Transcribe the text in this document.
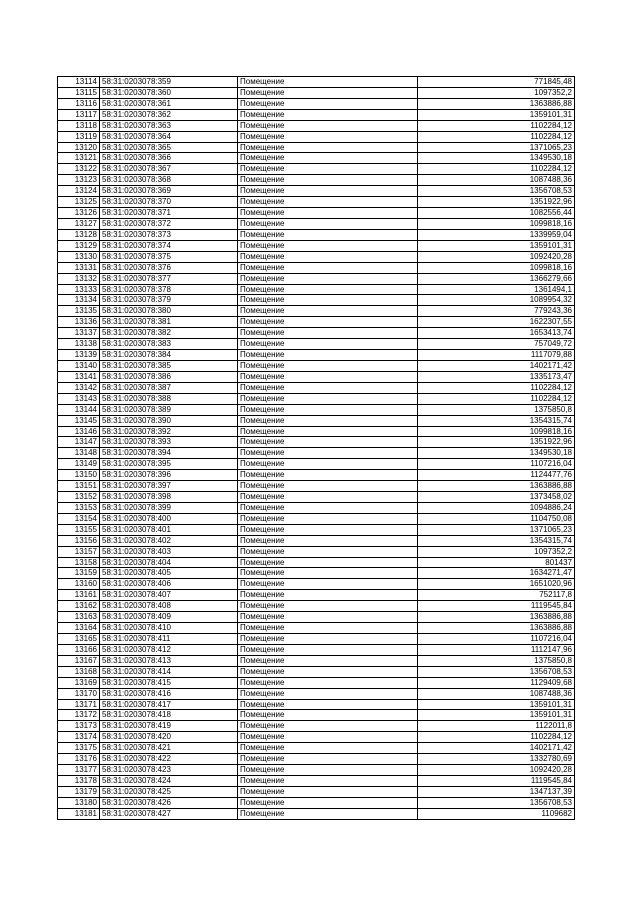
13114	58:31:0203078:359	Помещение	771845,48
13115	58:31:0203078:360	Помещение	1097352,2
13116	58:31:0203078:361	Помещение	1363886,88
13117	58:31:0203078:362	Помещение	1359101,31
13118	58:31:0203078:363	Помещение	1102284,12
13119	58:31:0203078:364	Помещение	1102284,12
13120	58:31:0203078:365	Помещение	1371065,23
13121	58:31:0203078:366	Помещение	1349530,18
13122	58:31:0203078:367	Помещение	1102284,12
13123	58:31:0203078:368	Помещение	1087488,36
13124	58:31:0203078:369	Помещение	1356708,53
13125	58:31:0203078:370	Помещение	1351922,96
13126	58:31:0203078:371	Помещение	1082556,44
13127	58:31:0203078:372	Помещение	1099818,16
13128	58:31:0203078:373	Помещение	1339959,04
13129	58:31:0203078:374	Помещение	1359101,31
13130	58:31:0203078:375	Помещение	1092420,28
13131	58:31:0203078:376	Помещение	1099818,16
13132	58:31:0203078:377	Помещение	1366279,66
13133	58:31:0203078:378	Помещение	1361494,1
13134	58:31:0203078:379	Помещение	1089954,32
13135	58:31:0203078:380	Помещение	779243,36
13136	58:31:0203078:381	Помещение	1622307,55
13137	58:31:0203078:382	Помещение	1653413,74
13138	58:31:0203078:383	Помещение	757049,72
13139	58:31:0203078:384	Помещение	1117079,88
13140	58:31:0203078:385	Помещение	1402171,42
13141	58:31:0203078:386	Помещение	1335173,47
13142	58:31:0203078:387	Помещение	1102284,12
13143	58:31:0203078:388	Помещение	1102284,12
13144	58:31:0203078:389	Помещение	1375850,8
13145	58:31:0203078:390	Помещение	1354315,74
13146	58:31:0203078:392	Помещение	1099818,16
13147	58:31:0203078:393	Помещение	1351922,96
13148	58:31:0203078:394	Помещение	1349530,18
13149	58:31:0203078:395	Помещение	1107216,04
13150	58:31:0203078:396	Помещение	1124477,76
13151	58:31:0203078:397	Помещение	1363886,88
13152	58:31:0203078:398	Помещение	1373458,02
13153	58:31:0203078:399	Помещение	1094886,24
13154	58:31:0203078:400	Помещение	1104750,08
13155	58:31:0203078:401	Помещение	1371065,23
13156	58:31:0203078:402	Помещение	1354315,74
13157	58:31:0203078:403	Помещение	1097352,2
13158	58:31:0203078:404	Помещение	801437
13159	58:31:0203078:405	Помещение	1634271,47
13160	58:31:0203078:406	Помещение	1651020,96
13161	58:31:0203078:407	Помещение	752117,8
13162	58:31:0203078:408	Помещение	1119545,84
13163	58:31:0203078:409	Помещение	1363886,88
13164	58:31:0203078:410	Помещение	1363886,88
13165	58:31:0203078:411	Помещение	1107216,04
13166	58:31:0203078:412	Помещение	1112147,96
13167	58:31:0203078:413	Помещение	1375850,8
13168	58:31:0203078:414	Помещение	1356708,53
13169	58:31:0203078:415	Помещение	1129409,68
13170	58:31:0203078:416	Помещение	1087488,36
13171	58:31:0203078:417	Помещение	1359101,31
13172	58:31:0203078:418	Помещение	1359101,31
13173	58:31:0203078:419	Помещение	1122011,8
13174	58:31:0203078:420	Помещение	1102284,12
13175	58:31:0203078:421	Помещение	1402171,42
13176	58:31:0203078:422	Помещение	1332780,69
13177	58:31:0203078:423	Помещение	1092420,28
13178	58:31:0203078:424	Помещение	1119545,84
13179	58:31:0203078:425	Помещение	1347137,39
13180	58:31:0203078:426	Помещение	1356708,53
13181	58:31:0203078:427	Помещение	1109682
